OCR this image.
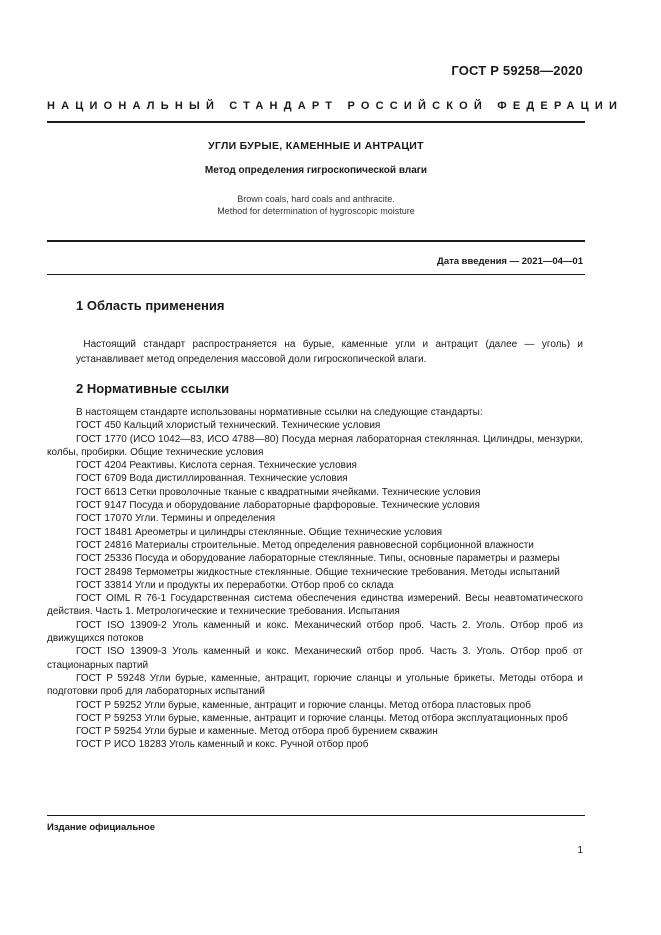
ГОСТ Р 59258—2020
НАЦИОНАЛЬНЫЙ СТАНДАРТ РОССИЙСКОЙ ФЕДЕРАЦИИ
УГЛИ БУРЫЕ, КАМЕННЫЕ И АНТРАЦИТ
Метод определения гигроскопической влаги
Brown coals, hard coals and anthracite.
Method for determination of hygroscopic moisture
Дата введения — 2021—04—01
1 Область применения
Настоящий стандарт распространяется на бурые, каменные угли и антрацит (далее — уголь) и устанавливает метод определения массовой доли гигроскопической влаги.
2 Нормативные ссылки

В настоящем стандарте использованы нормативные ссылки на следующие стандарты:

ГОСТ 450 Кальций хлористый технический. Технические условия

ГОСТ 1770 (ИСО 1042—83, ИСО 4788—80) Посуда мерная лабораторная стеклянная. Цилиндры, мензурки, колбы, пробирки. Общие технические условия

ГОСТ 4204 Реактивы. Кислота серная. Технические условия

ГОСТ 6709 Вода дистиллированная. Технические условия

ГОСТ 6613 Сетки проволочные тканые с квадратными ячейками. Технические условия

ГОСТ 9147 Посуда и оборудование лабораторные фарфоровые. Технические условия

ГОСТ 17070 Угли. Термины и определения

ГОСТ 18481 Ареометры и цилиндры стеклянные. Общие технические условия

ГОСТ 24816 Материалы строительные. Метод определения равновесной сорбционной влажности

ГОСТ 25336 Посуда и оборудование лабораторные стеклянные. Типы, основные параметры и размеры

ГОСТ 28498 Термометры жидкостные стеклянные. Общие технические требования. Методы испытаний

ГОСТ 33814 Угли и продукты их переработки. Отбор проб со склада

ГОСТ OIML R 76-1 Государственная система обеспечения единства измерений. Весы неавтоматического действия. Часть 1. Метрологические и технические требования. Испытания

ГОСТ ISO 13909-2 Уголь каменный и кокс. Механический отбор проб. Часть 2. Уголь. Отбор проб из движущихся потоков

ГОСТ ISO 13909-3 Уголь каменный и кокс. Механический отбор проб. Часть 3. Уголь. Отбор проб от стационарных партий

ГОСТ Р 59248 Угли бурые, каменные, антрацит, горючие сланцы и угольные брикеты. Методы отбора и подготовки проб для лабораторных испытаний

ГОСТ Р 59252 Угли бурые, каменные, антрацит и горючие сланцы. Метод отбора пластовых проб

ГОСТ Р 59253 Угли бурые, каменные, антрацит и горючие сланцы. Метод отбора эксплуатационных проб

ГОСТ Р 59254 Угли бурые и каменные. Метод отбора проб бурением скважин

ГОСТ Р ИСО 18283 Уголь каменный и кокс. Ручной отбор проб

Издание официальное
1
